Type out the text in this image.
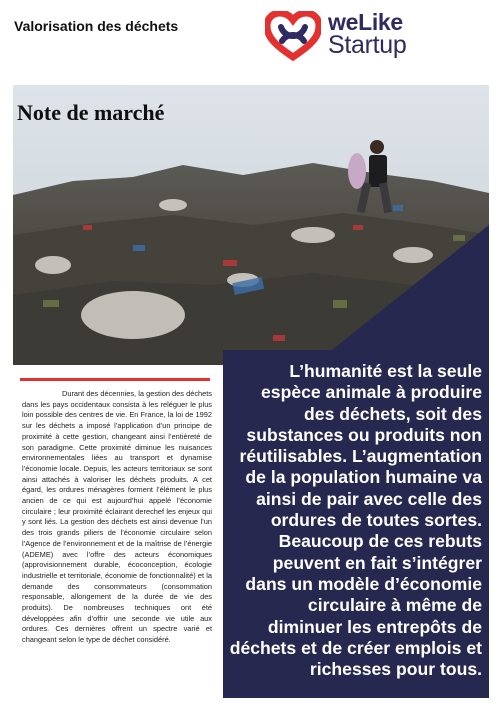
Valorisation des déchets	weLike
Startup
Note de marché
Durant des décennies, la gestion des déchets dans les pays occidentaux consista à les reléguer le plus loin possible des centres de vie. En France, la loi de 1992 sur les déchets a imposé l’application d’un principe de proximité à cette gestion, changeant ainsi l’entièreté de son paradigme. Cette proximité diminue les nuisances environnementales liées au transport et dynamise l’économie locale. Depuis, les acteurs territoriaux se sont ainsi attachés à valoriser les déchets produits. A cet égard, les ordures ménagères forment l’élément le plus ancien de ce qui est aujourd’hui appelé l’économie circulaire ; leur proximité éclairant derechef les enjeux qui y sont liés. La gestion des déchets est ainsi devenue l’un des trois grands piliers de l’économie circulaire selon l’Agence de l’environnement et de la maîtrise de l’énergie (ADEME) avec l’offre des acteurs économiques (approvisionnement durable, écoconception, écologie industrielle et territoriale, économie de fonctionnalité) et la demande des consommateurs (consommation responsable, allongement de la durée de vie des produits). De nombreuses techniques ont été développées afin d’offrir une seconde vie utile aux ordures. Ces dernières offrent un spectre varié et changeant selon le type de déchet considéré.
L’humanité est la seule espèce animale à produire des déchets, soit des substances ou produits non réutilisables. L’augmentation de la population humaine va ainsi de pair avec celle des ordures de toutes sortes. Beaucoup de ces rebuts peuvent en fait s’intégrer dans un modèle d’économie circulaire à même de diminuer les entrepôts de déchets et de créer emplois et richesses pour tous.
